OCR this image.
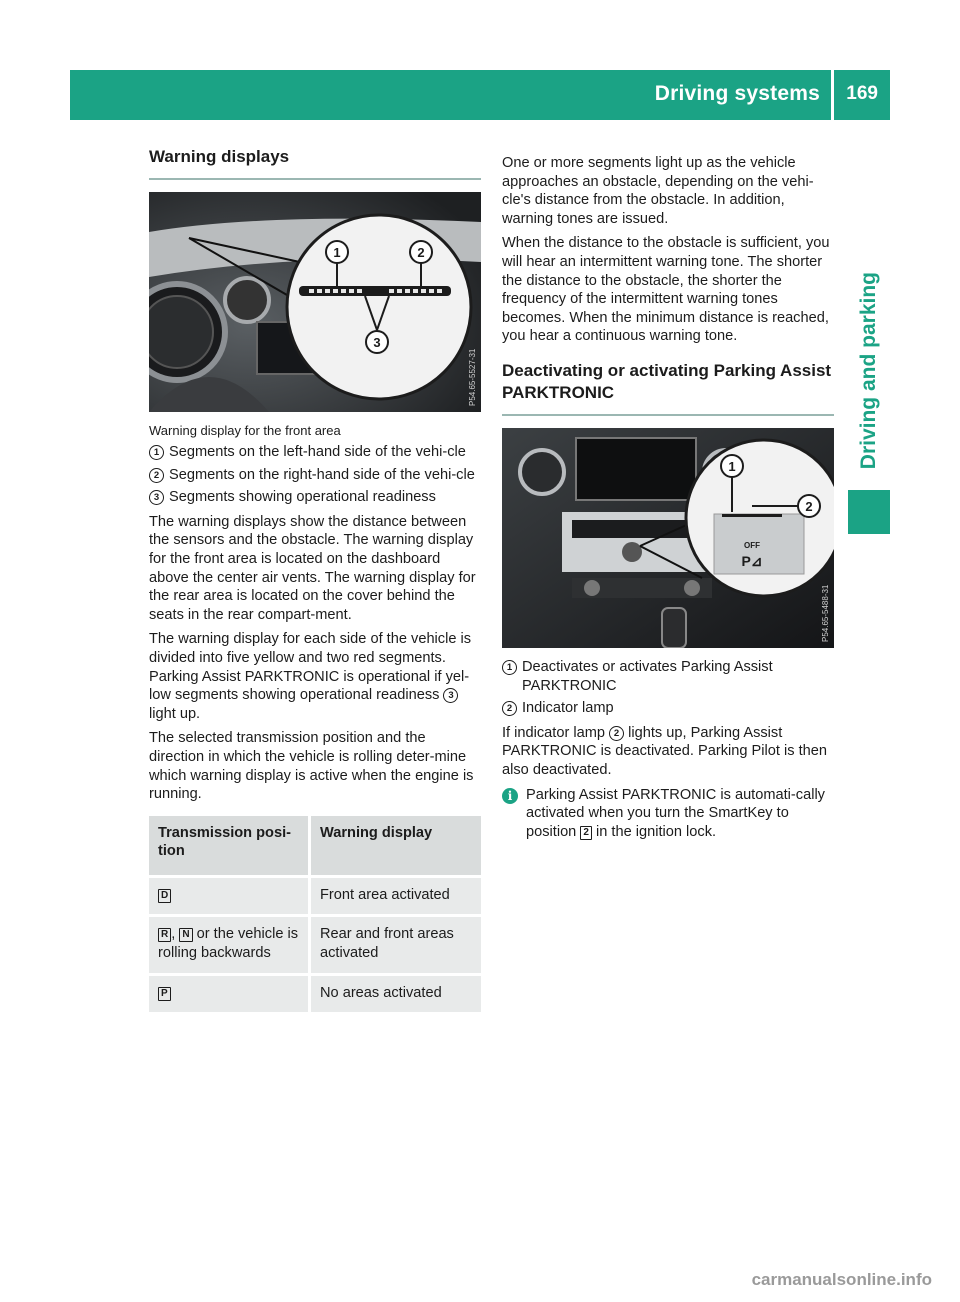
Driving systems 169
Driving and parking
Warning displays
1	2
3
P54.65-5527-31
Warning display for the front area
1 Segments on the left-hand side of the vehi-cle
2 Segments on the right-hand side of the vehi-cle
3 Segments showing operational readiness

The warning displays show the distance between the sensors and the obstacle. The warning display for the front area is located on the dashboard above the center air vents. The warning display for the rear area is located on the cover behind the seats in the rear compart-ment.

The warning display for each side of the vehicle is divided into five yellow and two red segments. Parking Assist PARKTRONIC is operational if yel-low segments showing operational readiness 3 light up.

The selected transmission position and the direction in which the vehicle is rolling deter-mine which warning display is active when the engine is running.

Transmission posi-tion	Warning display
D	Front area activated
R , N or the vehicle is rolling backwards	Rear and front areas activated
P	No areas activated

One or more segments light up as the vehicle approaches an obstacle, depending on the vehi-cle's distance from the obstacle. In addition, warning tones are issued.

When the distance to the obstacle is sufficient, you will hear an intermittent warning tone. The shorter the distance to the obstacle, the shorter the frequency of the intermittent warning tones becomes. When the minimum distance is reached, you hear a continuous warning tone.

Deactivating or activating Parking Assist PARKTRONIC
OFF
P⊿
1
2
P54.65-5488-31
1 Deactivates or activates Parking Assist PARKTRONIC
2 Indicator lamp

If indicator lamp 2 lights up, Parking Assist PARKTRONIC is deactivated. Parking Pilot is then also deactivated.

i Parking Assist PARKTRONIC is automati-cally activated when you turn the SmartKey to position 2 in the ignition lock.
carmanualsonline.info
